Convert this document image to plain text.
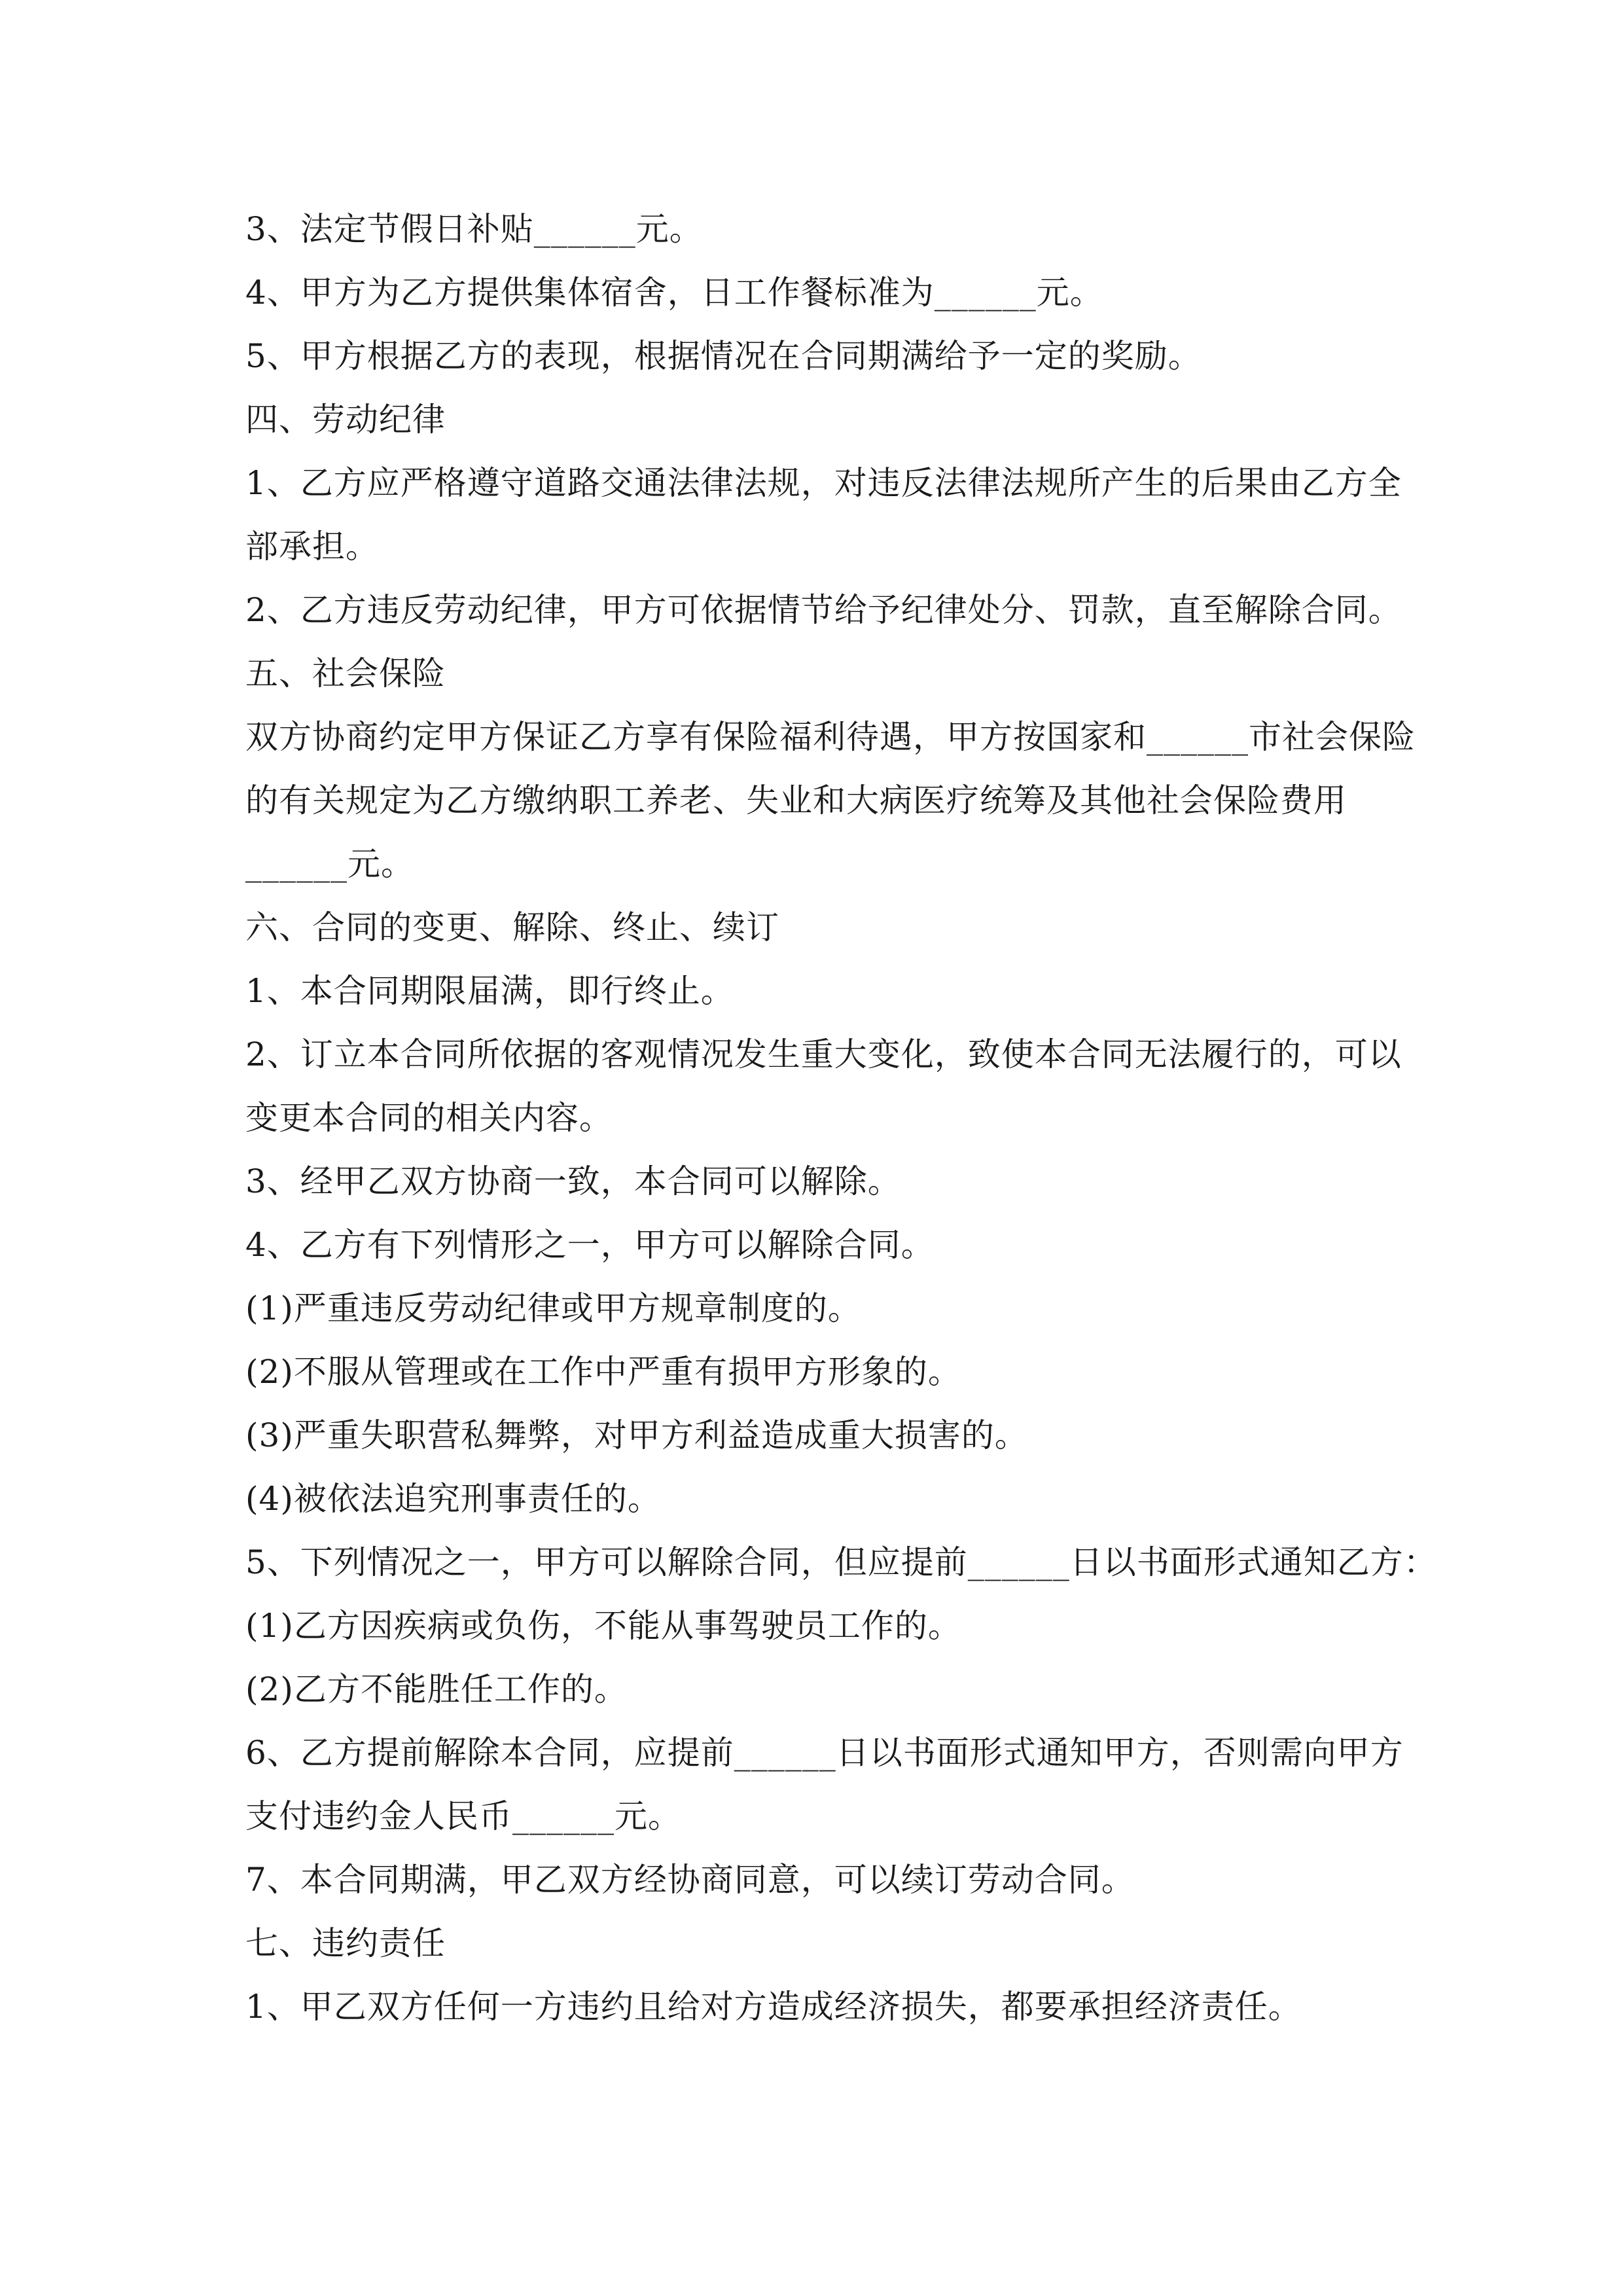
3、法定节假日补贴______元。
4、甲方为乙方提供集体宿舍，日工作餐标准为______元。
5、甲方根据乙方的表现，根据情况在合同期满给予一定的奖励。
四、劳动纪律
1、乙方应严格遵守道路交通法律法规，对违反法律法规所产生的后果由乙方全
部承担。
2、乙方违反劳动纪律，甲方可依据情节给予纪律处分、罚款，直至解除合同。
五、社会保险
双方协商约定甲方保证乙方享有保险福利待遇，甲方按国家和______市社会保险
的有关规定为乙方缴纳职工养老、失业和大病医疗统筹及其他社会保险费用
______元。
六、合同的变更、解除、终止、续订
1、本合同期限届满，即行终止。
2、订立本合同所依据的客观情况发生重大变化，致使本合同无法履行的，可以
变更本合同的相关内容。
3、经甲乙双方协商一致，本合同可以解除。
4、乙方有下列情形之一，甲方可以解除合同。
(1)严重违反劳动纪律或甲方规章制度的。
(2)不服从管理或在工作中严重有损甲方形象的。
(3)严重失职营私舞弊，对甲方利益造成重大损害的。
(4)被依法追究刑事责任的。
5、下列情况之一，甲方可以解除合同，但应提前______日以书面形式通知乙方：
(1)乙方因疾病或负伤，不能从事驾驶员工作的。
(2)乙方不能胜任工作的。
6、乙方提前解除本合同，应提前______日以书面形式通知甲方，否则需向甲方
支付违约金人民币______元。
7、本合同期满，甲乙双方经协商同意，可以续订劳动合同。
七、违约责任
1、甲乙双方任何一方违约且给对方造成经济损失，都要承担经济责任。
